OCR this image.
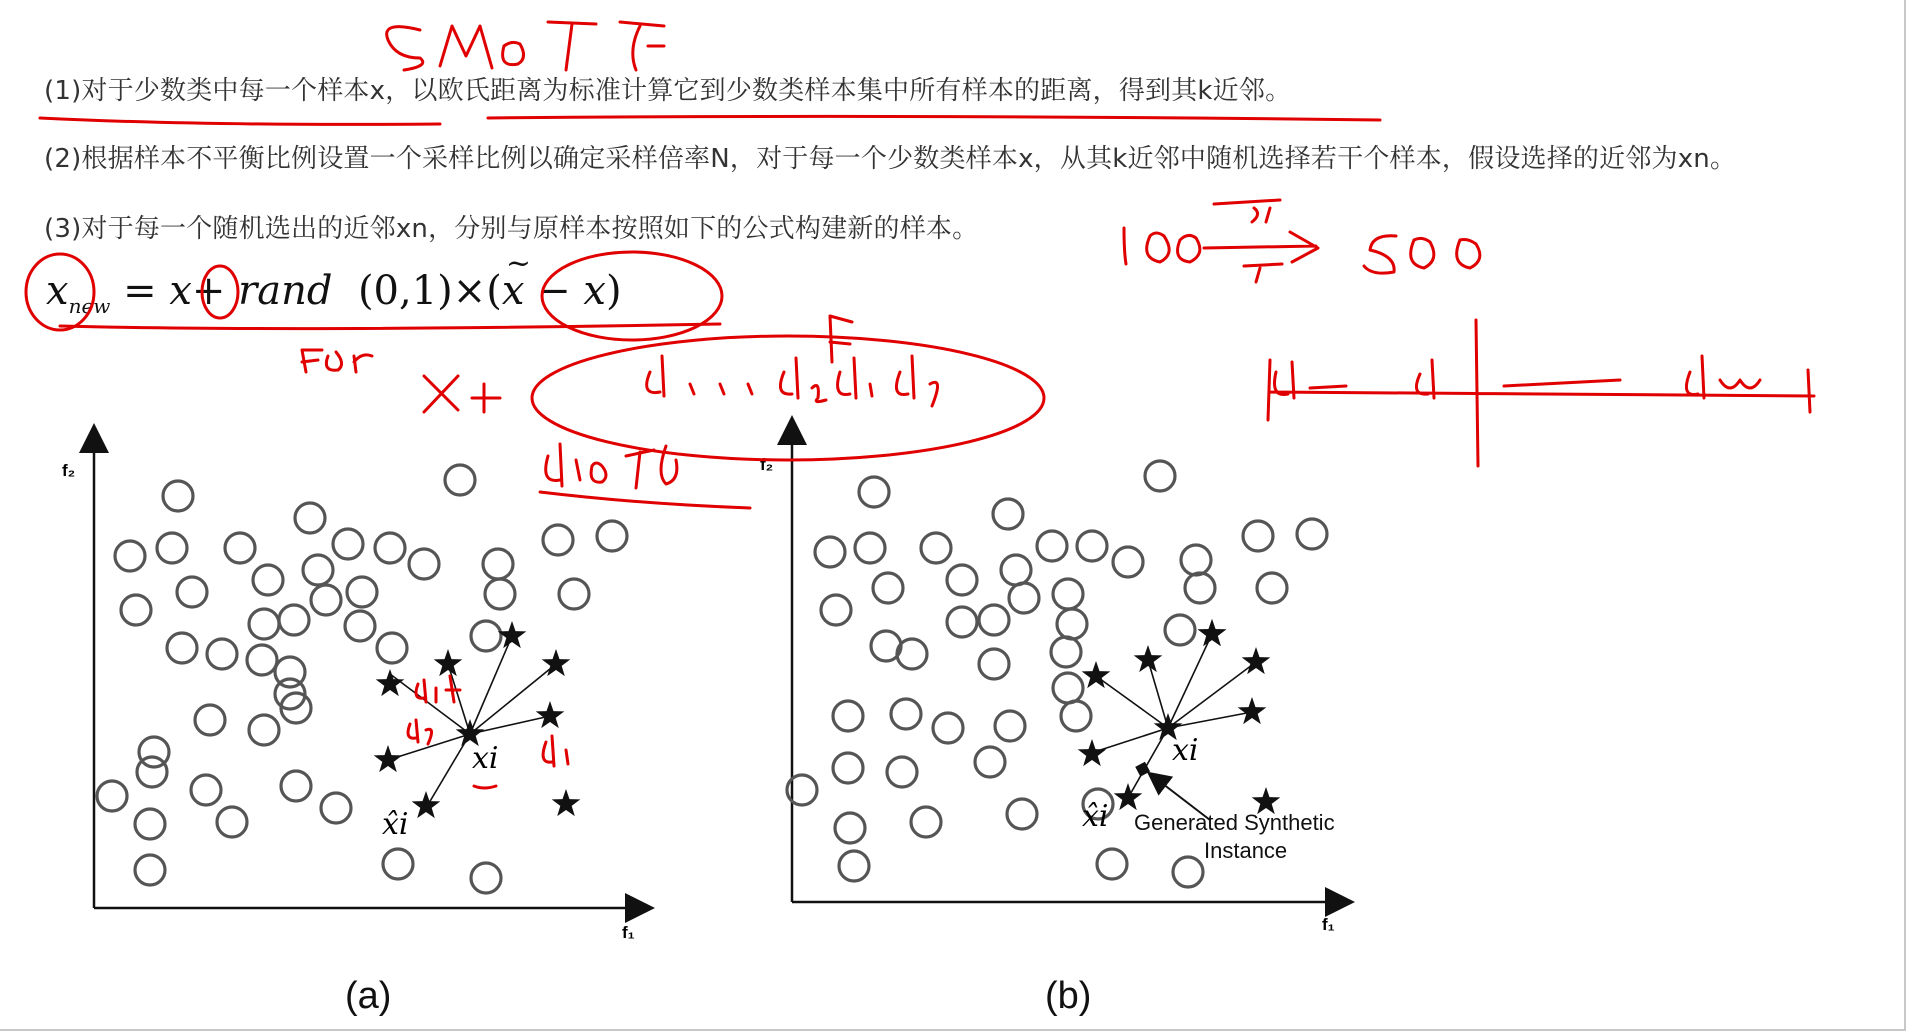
(1)对于少数类中每一个样本x，以欧氏距离为标准计算它到少数类样本集中所有样本的距离，得到其k近邻。
(2)根据样本不平衡比例设置一个采样比例以确定采样倍率N，对于每一个少数类样本x，从其k近邻中随机选择若干个样本，假设选择的近邻为xn。
(3)对于每一个随机选出的近邻xn，分别与原样本按照如下的公式构建新的样本。
$x_{new} = x+$ rand (0,1)×(~ x − x)
f₂
f₁
xi
x̂i
f₂
f₁
xi
x̂i Generated Synthetic
Instance
(a)	(b)
